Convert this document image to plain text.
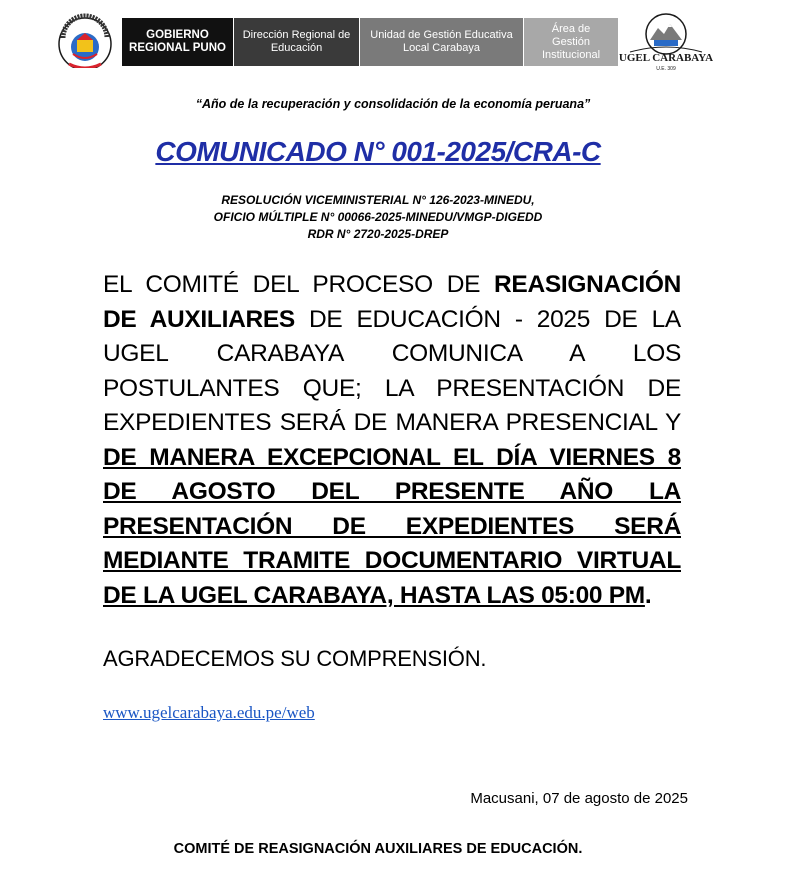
GOBIERNO
REGIONAL PUNO
Dirección Regional de
Educación
Unidad de Gestión Educativa
Local Carabaya
Área de
Gestión
Institucional UGEL CARABAYA
U.E. 309
“Año de la recuperación y consolidación de la economía peruana”
COMUNICADO N° 001-2025/CRA-C
RESOLUCIÓN VICEMINISTERIAL N° 126-2023-MINEDU,
OFICIO MÚLTIPLE N° 00066-2025-MINEDU/VMGP-DIGEDD
RDR N° 2720-2025-DREP
EL COMITÉ DEL PROCESO DE REASIGNACIÓN DE AUXILIARES DE EDUCACIÓN - 2025 DE LA UGEL CARABAYA COMUNICA A LOS POSTULANTES QUE; LA PRESENTACIÓN DE EXPEDIENTES SERÁ DE MANERA PRESENCIAL Y DE MANERA EXCEPCIONAL EL DÍA VIERNES 8 DE AGOSTO DEL PRESENTE AÑO LA PRESENTACIÓN DE EXPEDIENTES SERÁ MEDIANTE TRAMITE DOCUMENTARIO VIRTUAL DE LA UGEL CARABAYA, HASTA LAS 05:00 PM.
AGRADECEMOS SU COMPRENSIÓN.
www.ugelcarabaya.edu.pe/web
Macusani, 07 de agosto de 2025
COMITÉ DE REASIGNACIÓN AUXILIARES DE EDUCACIÓN.
